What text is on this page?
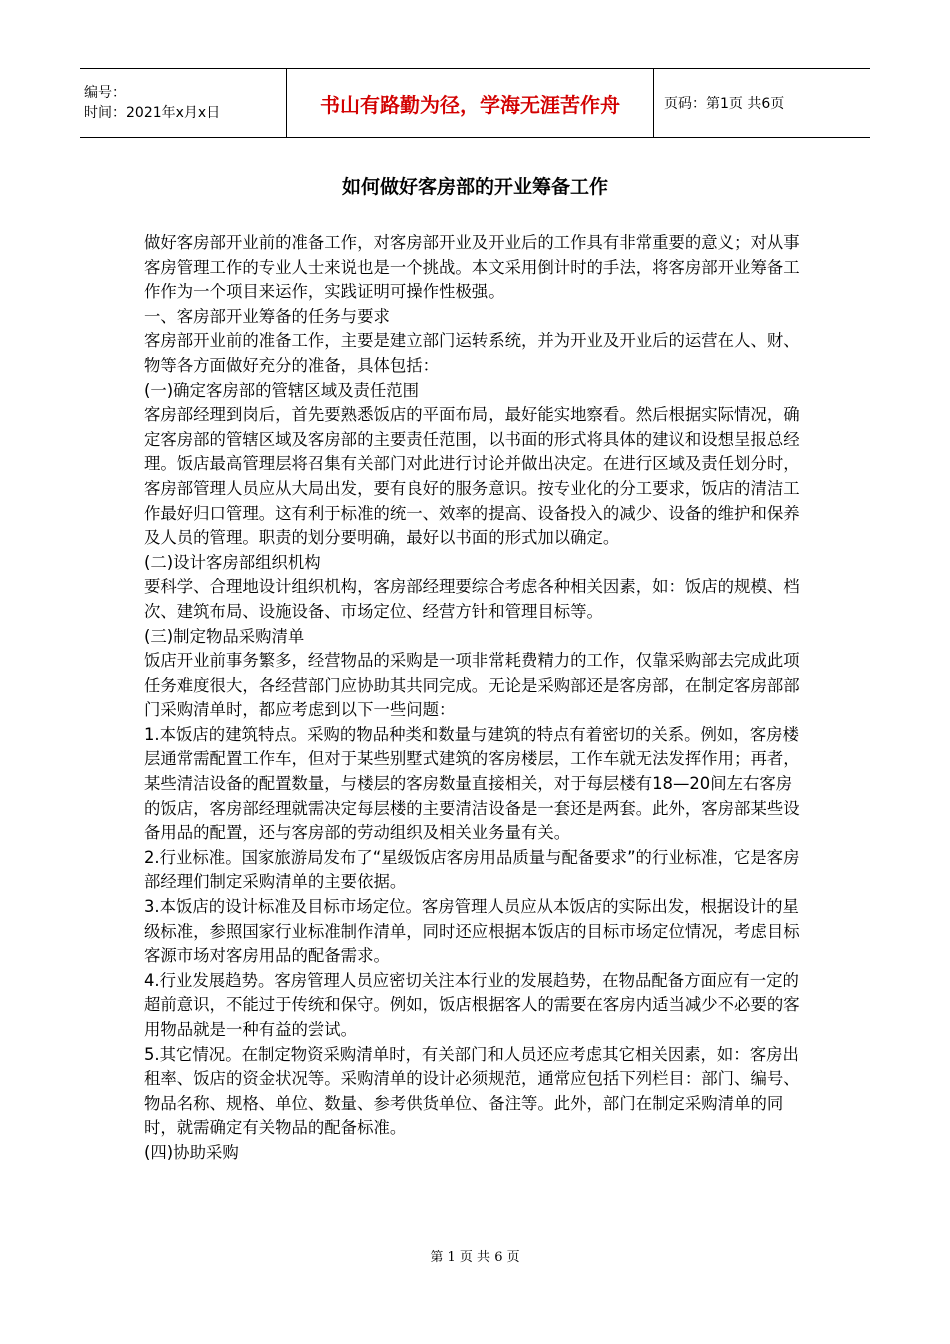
编号：
时间：2021年x月x日	书山有路勤为径，学海无涯苦作舟	页码：第1页 共6页
如何做好客房部的开业筹备工作

做好客房部开业前的准备工作，对客房部开业及开业后的工作具有非常重要的意义；对从事客房管理工作的专业人士来说也是一个挑战。本文采用倒计时的手法，将客房部开业筹备工作作为一个项目来运作，实践证明可操作性极强。

一、客房部开业筹备的任务与要求

客房部开业前的准备工作，主要是建立部门运转系统，并为开业及开业后的运营在人、财、物等各方面做好充分的准备，具体包括：

(一)确定客房部的管辖区域及责任范围

客房部经理到岗后，首先要熟悉饭店的平面布局，最好能实地察看。然后根据实际情况，确定客房部的管辖区域及客房部的主要责任范围，以书面的形式将具体的建议和设想呈报总经理。饭店最高管理层将召集有关部门对此进行讨论并做出决定。在进行区域及责任划分时，客房部管理人员应从大局出发，要有良好的服务意识。按专业化的分工要求，饭店的清洁工作最好归口管理。这有利于标准的统一、效率的提高、设备投入的减少、设备的维护和保养及人员的管理。职责的划分要明确，最好以书面的形式加以确定。

(二)设计客房部组织机构

要科学、合理地设计组织机构，客房部经理要综合考虑各种相关因素，如：饭店的规模、档次、建筑布局、设施设备、市场定位、经营方针和管理目标等。

(三)制定物品采购清单

饭店开业前事务繁多，经营物品的采购是一项非常耗费精力的工作，仅靠采购部去完成此项任务难度很大，各经营部门应协助其共同完成。无论是采购部还是客房部，在制定客房部部门采购清单时，都应考虑到以下一些问题：

1.本饭店的建筑特点。采购的物品种类和数量与建筑的特点有着密切的关系。例如，客房楼层通常需配置工作车，但对于某些别墅式建筑的客房楼层，工作车就无法发挥作用；再者，某些清洁设备的配置数量，与楼层的客房数量直接相关，对于每层楼有18—20间左右客房的饭店，客房部经理就需决定每层楼的主要清洁设备是一套还是两套。此外，客房部某些设备用品的配置，还与客房部的劳动组织及相关业务量有关。

2.行业标准。国家旅游局发布了“星级饭店客房用品质量与配备要求”的行业标准，它是客房部经理们制定采购清单的主要依据。

3.本饭店的设计标准及目标市场定位。客房管理人员应从本饭店的实际出发，根据设计的星级标准，参照国家行业标准制作清单，同时还应根据本饭店的目标市场定位情况，考虑目标客源市场对客房用品的配备需求。

4.行业发展趋势。客房管理人员应密切关注本行业的发展趋势，在物品配备方面应有一定的超前意识，不能过于传统和保守。例如，饭店根据客人的需要在客房内适当减少不必要的客用物品就是一种有益的尝试。

5.其它情况。在制定物资采购清单时，有关部门和人员还应考虑其它相关因素，如：客房出租率、饭店的资金状况等。采购清单的设计必须规范，通常应包括下列栏目：部门、编号、物品名称、规格、单位、数量、参考供货单位、备注等。此外，部门在制定采购清单的同时，就需确定有关物品的配备标准。

(四)协助采购

第 1 页 共 6 页
